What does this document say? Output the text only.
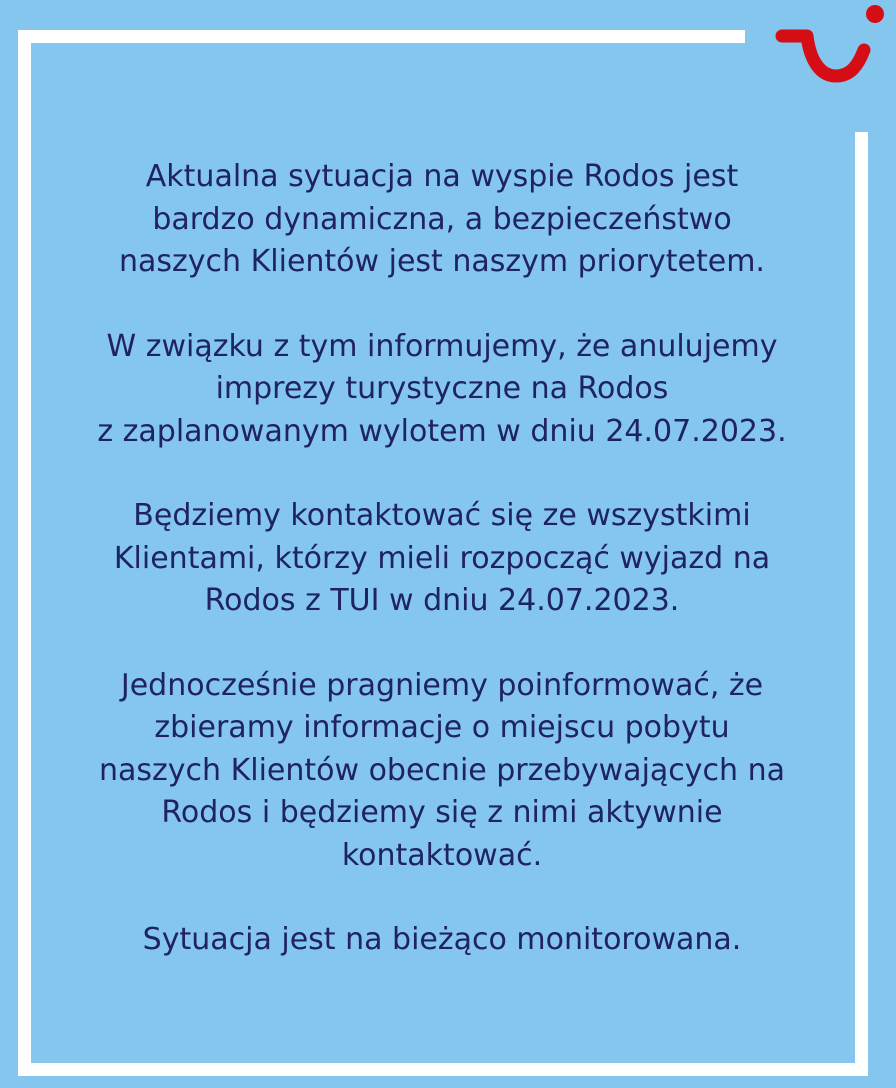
Aktualna sytuacja na wyspie Rodos jest
bardzo dynamiczna, a bezpieczeństwo
naszych Klientów jest naszym priorytetem.

W związku z tym informujemy, że anulujemy
imprezy turystyczne na Rodos
z zaplanowanym wylotem w dniu 24.07.2023.

Będziemy kontaktować się ze wszystkimi
Klientami, którzy mieli rozpocząć wyjazd na
Rodos z TUI w dniu 24.07.2023.

Jednocześnie pragniemy poinformować, że
zbieramy informacje o miejscu pobytu
naszych Klientów obecnie przebywających na
Rodos i będziemy się z nimi aktywnie
kontaktować.

Sytuacja jest na bieżąco monitorowana.
